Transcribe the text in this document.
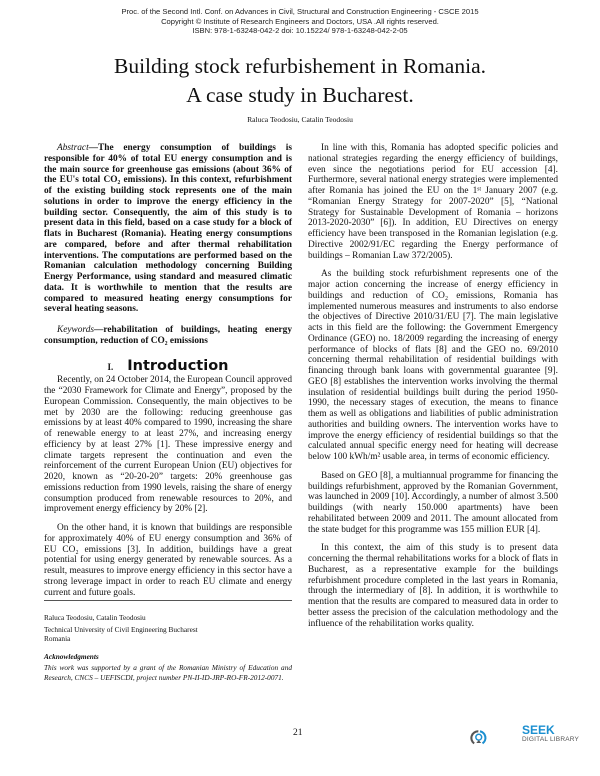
Proc. of the Second Intl. Conf. on Advances in Civil, Structural and Construction Engineering - CSCE 2015
Copyright © Institute of Research Engineers and Doctors, USA .All rights reserved.
ISBN: 978-1-63248-042-2 doi: 10.15224/ 978-1-63248-042-2-05
Building stock refurbishement in Romania.
A case study in Bucharest.
Raluca Teodosiu, Catalin Teodosiu

Abstract—The energy consumption of buildings is responsible for 40% of total EU energy consumption and is the main source for greenhouse gas emissions (about 36% of the EU's total CO₂ emissions). In this context, refurbishment of the existing building stock represents one of the main solutions in order to improve the energy efficiency in the building sector. Consequently, the aim of this study is to present data in this field, based on a case study for a block of flats in Bucharest (Romania). Heating energy consumptions are compared, before and after thermal rehabilitation interventions. The computations are performed based on the Romanian calculation methodology concerning Building Energy Performance, using standard and measured climatic data. It is worthwhile to mention that the results are compared to measured heating energy consumptions for several heating seasons.

Keywords—rehabilitation of buildings, heating energy consumption, reduction of CO₂ emissions

I. Introduction

Recently, on 24 October 2014, the European Council approved the “2030 Framework for Climate and Energy”, proposed by the European Commission. Consequently, the main objectives to be met by 2030 are the following: reducing greenhouse gas emissions by at least 40% compared to 1990, increasing the share of renewable energy to at least 27%, and increasing energy efficiency by at least 27% [1]. These impressive energy and climate targets represent the continuation and even the reinforcement of the current European Union (EU) objectives for 2020, known as “20-20-20” targets: 20% greenhouse gas emissions reduction from 1990 levels, raising the share of energy consumption produced from renewable resources to 20%, and improvement energy efficiency by 20% [2].

On the other hand, it is known that buildings are responsible for approximately 40% of EU energy consumption and 36% of EU CO₂ emissions [3]. In addition, buildings have a great potential for using energy generated by renewable sources. As a result, measures to improve energy efficiency in this sector have a strong leverage impact in order to reach EU climate and energy current and future goals.

In line with this, Romania has adopted specific policies and national strategies regarding the energy efficiency of buildings, even since the negotiations period for EU accession [4]. Furthermore, several national energy strategies were implemented after Romania has joined the EU on the 1ˢᵗ January 2007 (e.g. “Romanian Energy Strategy for 2007-2020” [5], “National Strategy for Sustainable Development of Romania – horizons 2013-2020-2030” [6]). In addition, EU Directives on energy efficiency have been transposed in the Romanian legislation (e.g. Directive 2002/91/EC regarding the Energy performance of buildings – Romanian Law 372/2005).

As the building stock refurbishment represents one of the major action concerning the increase of energy efficiency in buildings and reduction of CO₂ emissions, Romania has implemented numerous measures and instruments to also endorse the objectives of Directive 2010/31/EU [7]. The main legislative acts in this field are the following: the Government Emergency Ordinance (GEO) no. 18/2009 regarding the increasing of energy performance of blocks of flats [8] and the GEO no. 69/2010 concerning thermal rehabilitation of residential buildings with financing through bank loans with governmental guarantee [9]. GEO [8] establishes the intervention works involving the thermal insulation of residential buildings built during the period 1950-1990, the necessary stages of execution, the means to finance them as well as obligations and liabilities of public administration authorities and building owners. The intervention works have to improve the energy efficiency of residential buildings so that the calculated annual specific energy need for heating will decrease below 100 kWh/m² usable area, in terms of economic efficiency.

Based on GEO [8], a multiannual programme for financing the buildings refurbishment, approved by the Romanian Government, was launched in 2009 [10]. Accordingly, a number of almost 3.500 buildings (with nearly 150.000 apartments) have been rehabilitated between 2009 and 2011. The amount allocated from the state budget for this programme was 155 million EUR [4].

In this context, the aim of this study is to present data concerning the thermal rehabilitations works for a block of flats in Bucharest, as a representative example for the buildings refurbishment procedure completed in the last years in Romania, through the intermediary of [8]. In addition, it is worthwhile to mention that the results are compared to measured data in order to better assess the precision of the calculation methodology and the influence of the rehabilitation works quality.

Raluca Teodosiu, Catalin Teodosiu
Technical University of Civil Engineering Bucharest
Romania
Acknowledgments
This work was supported by a grant of the Romanian Ministry of Education and Research, CNCS – UEFISCDI, project number PN-II-ID-JRP-RO-FR-2012-0071.
21	SEEK
DIGITAL LIBRARY
